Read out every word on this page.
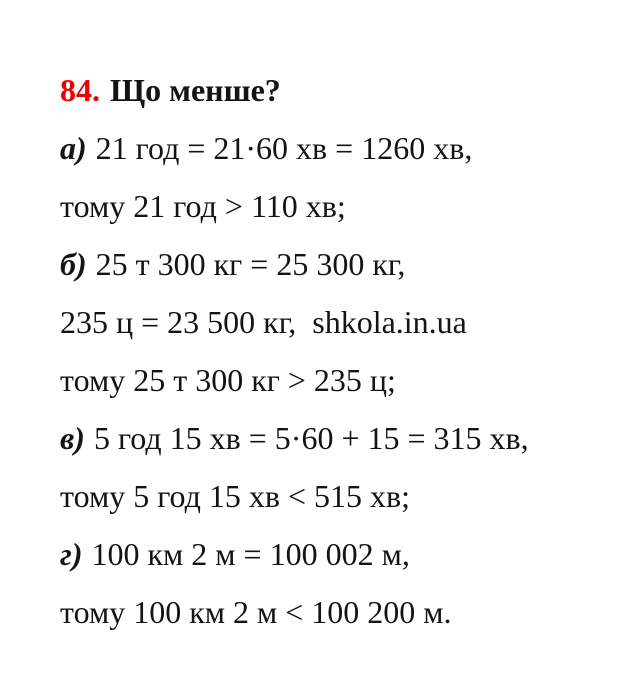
84. Що менше?

а) 21 год = 21·60 хв = 1260 хв,

тому 21 год > 110 хв;

б) 25 т 300 кг = 25 300 кг,

235 ц = 23 500 кг,  shkola.in.ua

тому 25 т 300 кг > 235 ц;

в) 5 год 15 хв = 5·60 + 15 = 315 хв,

тому 5 год 15 хв < 515 хв;

г) 100 км 2 м = 100 002 м,

тому 100 км 2 м < 100 200 м.
